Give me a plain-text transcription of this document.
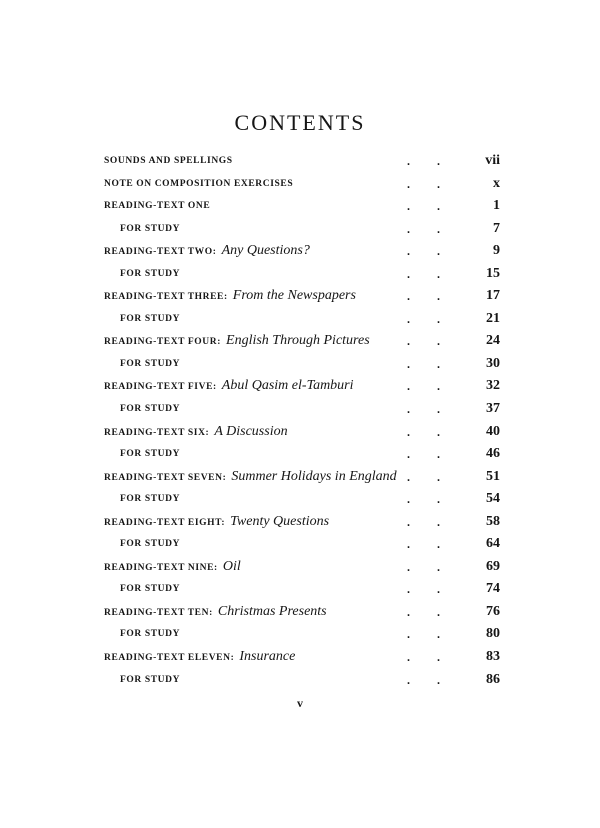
CONTENTS
SOUNDS AND SPELLINGS	.         .	vii
NOTE ON COMPOSITION EXERCISES	.         .	x
READING-TEXT ONE	.         .	1
FOR STUDY	.         .	7
READING-TEXT TWO: Any Questions?	.         .	9
FOR STUDY	.         .	15
READING-TEXT THREE: From the Newspapers	.         .	17
FOR STUDY	.         .	21
READING-TEXT FOUR: English Through Pictures	.         .	24
FOR STUDY	.         .	30
READING-TEXT FIVE: Abul Qasim el-Tamburi	.         .	32
FOR STUDY	.         .	37
READING-TEXT SIX: A Discussion	.         .	40
FOR STUDY	.         .	46
READING-TEXT SEVEN: Summer Holidays in England .         .	51
FOR STUDY	.         .	54
READING-TEXT EIGHT: Twenty Questions	.         .	58
FOR STUDY	.         .	64
READING-TEXT NINE: Oil	.         .	69
FOR STUDY	.         .	74
READING-TEXT TEN: Christmas Presents	.         .	76
FOR STUDY	.         .	80
READING-TEXT ELEVEN: Insurance	.         .	83
FOR STUDY	.         .	86
v
